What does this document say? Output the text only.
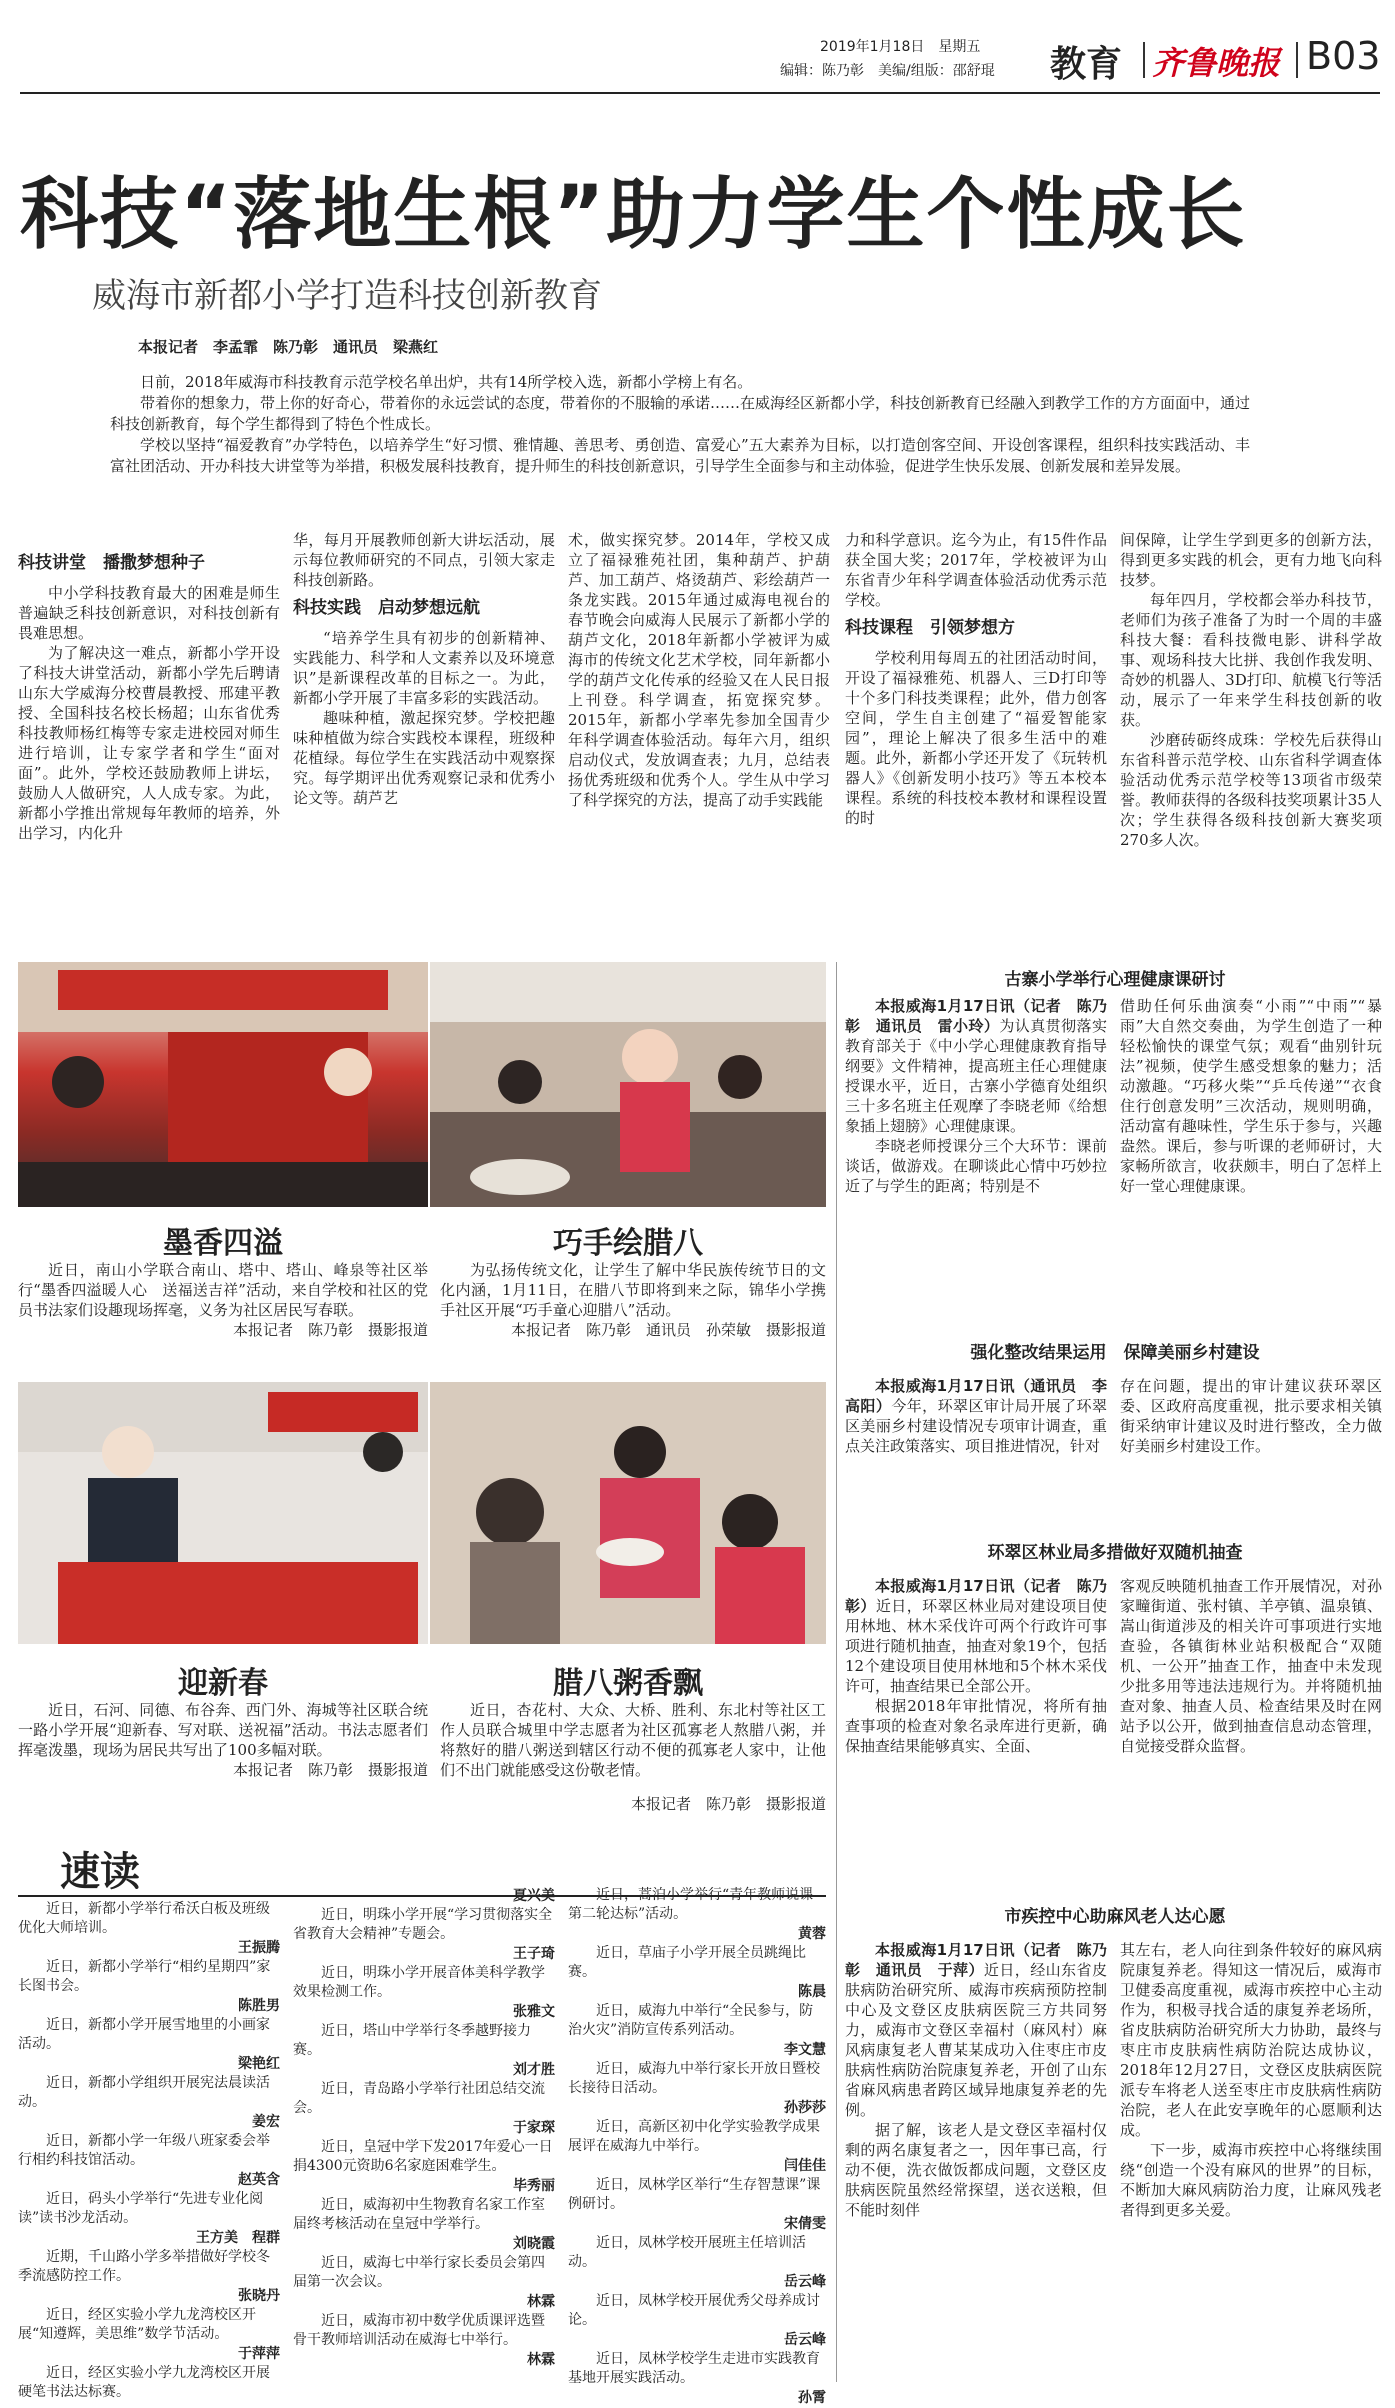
2019年1月18日　星期五
编辑：陈乃彰　美编/组版：邵舒琨 教育 齐鲁晚报 B03
科技“落地生根”助力学生个性成长
威海市新都小学打造科技创新教育
本报记者　李孟霏　陈乃彰　通讯员　梁燕红

日前，2018年威海市科技教育示范学校名单出炉，共有14所学校入选，新都小学榜上有名。

带着你的想象力，带上你的好奇心，带着你的永远尝试的态度，带着你的不服输的承诺……在威海经区新都小学，科技创新教育已经融入到教学工作的方方面面中，通过科技创新教育，每个学生都得到了特色个性成长。

学校以坚持“福爱教育”办学特色，以培养学生“好习惯、雅情趣、善思考、勇创造、富爱心”五大素养为目标，以打造创客空间、开设创客课程，组织科技实践活动、丰富社团活动、开办科技大讲堂等为举措，积极发展科技教育，提升师生的科技创新意识，引导学生全面参与和主动体验，促进学生快乐发展、创新发展和差异发展。

科技讲堂　播撒梦想种子

中小学科技教育最大的困难是师生普遍缺乏科技创新意识，对科技创新有畏难思想。

为了解决这一难点，新都小学开设了科技大讲堂活动，新都小学先后聘请山东大学威海分校曹晨教授、邢建平教授、全国科技名校长杨超；山东省优秀科技教师杨红梅等专家走进校园对师生进行培训，让专家学者和学生“面对面”。此外，学校还鼓励教师上讲坛，鼓励人人做研究，人人成专家。为此，新都小学推出常规每年教师的培养，外出学习，内化升

华，每月开展教师创新大讲坛活动，展示每位教师研究的不同点，引领大家走科技创新路。

科技实践　启动梦想远航

“培养学生具有初步的创新精神、实践能力、科学和人文素养以及环境意识”是新课程改革的目标之一。为此，新都小学开展了丰富多彩的实践活动。

趣味种植，激起探究梦。学校把趣味种植做为综合实践校本课程，班级种花植绿。每位学生在实践活动中观察探究。每学期评出优秀观察记录和优秀小论文等。葫芦艺

术，做实探究梦。2014年，学校又成立了福禄雅苑社团，集种葫芦、护葫芦、加工葫芦、烙烫葫芦、彩绘葫芦一条龙实践。2015年通过威海电视台的春节晚会向威海人民展示了新都小学的葫芦文化，2018年新都小学被评为威海市的传统文化艺术学校，同年新都小学的葫芦文化传承的经验又在人民日报上刊登。科学调查，拓宽探究梦。2015年，新都小学率先参加全国青少年科学调查体验活动。每年六月，组织启动仪式，发放调查表；九月，总结表扬优秀班级和优秀个人。学生从中学习了科学探究的方法，提高了动手实践能

力和科学意识。迄今为止，有15件作品获全国大奖；2017年，学校被评为山东省青少年科学调查体验活动优秀示范学校。

科技课程　引领梦想方

学校利用每周五的社团活动时间，开设了福禄雅苑、机器人、三D打印等十个多门科技类课程；此外，借力创客空间，学生自主创建了“福爱智能家园”，理论上解决了很多生活中的难题。此外，新都小学还开发了《玩转机器人》《创新发明小技巧》等五本校本课程。系统的科技校本教材和课程设置的时

间保障，让学生学到更多的创新方法，得到更多实践的机会，更有力地飞向科技梦。

每年四月，学校都会举办科技节，老师们为孩子准备了为时一个周的丰盛科技大餐：看科技微电影、讲科学故事、观场科技大比拼、我创作我发明、奇妙的机器人、3D打印、航模飞行等活动，展示了一年来学生科技创新的收获。

沙磨砖砺终成珠：学校先后获得山东省科普示范学校、山东省科学调查体验活动优秀示范学校等13项省市级荣誉。教师获得的各级科技奖项累计35人次；学生获得各级科技创新大赛奖项270多人次。

墨香四溢
近日，南山小学联合南山、塔中、塔山、峰泉等社区举行“墨香四溢暖人心　送福送吉祥”活动，来自学校和社区的党员书法家们设趣现场挥毫，义务为社区居民写春联。
本报记者　陈乃彰　摄影报道
巧手绘腊八
为弘扬传统文化，让学生了解中华民族传统节日的文化内涵，1月11日，在腊八节即将到来之际，锦华小学携手社区开展“巧手童心迎腊八”活动。
本报记者　陈乃彰　通讯员　孙荣敏　摄影报道
迎新春
近日，石河、同德、布谷奔、西门外、海城等社区联合统一路小学开展“迎新春、写对联、送祝福”活动。书法志愿者们挥毫泼墨，现场为居民共写出了100多幅对联。
本报记者　陈乃彰　摄影报道
腊八粥香飘
近日，杏花村、大众、大桥、胜利、东北村等社区工作人员联合城里中学志愿者为社区孤寡老人熬腊八粥，并将熬好的腊八粥送到辖区行动不便的孤寡老人家中，让他们不出门就能感受这份敬老情。
本报记者　陈乃彰　摄影报道
速读
近日，新都小学举行希沃白板及班级优化大师培训。
王振腾
近日，新都小学举行“相约星期四”家长图书会。
陈胜男
近日，新都小学开展雪地里的小画家活动。
梁艳红
近日，新都小学组织开展宪法晨读活动。
姜宏
近日，新都小学一年级八班家委会举行相约科技馆活动。
赵英含
近日，码头小学举行“先进专业化阅读”读书沙龙活动。
王方美　程群
近期，千山路小学多举措做好学校冬季流感防控工作。
张晓丹
近日，经区实验小学九龙湾校区开展“知遵辉，美思维”数学节活动。
于萍萍
近日，经区实验小学九龙湾校区开展硬笔书法达标赛。
夏兴美
近日，明珠小学开展“学习贯彻落实全省教育大会精神”专题会。
王子琦
近日，明珠小学开展音体美科学教学效果检测工作。
张雅文
近日，塔山中学举行冬季越野接力赛。
刘才胜
近日，青岛路小学举行社团总结交流会。
于家琛
近日，皇冠中学下发2017年爱心一日捐4300元资助6名家庭困难学生。
毕秀丽
近日，威海初中生物教育名家工作室届终考核活动在皇冠中学举行。
刘晓霞
近日，威海七中举行家长委员会第四届第一次会议。
林霖
近日，威海市初中数学优质课评选暨骨干教师培训活动在威海七中举行。
林霖
近日，蒿泊小学举行“青年教师说课第二轮达标”活动。
黄蓉
近日，草庙子小学开展全员跳绳比赛。
陈晨
近日，威海九中举行“全民参与，防治火灾”消防宣传系列活动。
李文慧
近日，威海九中举行家长开放日暨校长接待日活动。
孙莎莎
近日，高新区初中化学实验教学成果展评在威海九中举行。
闫佳佳
近日，凤林学区举行“生存智慧课”课例研讨。
宋倩雯
近日，凤林学校开展班主任培训活动。
岳云峰
近日，凤林学校开展优秀父母养成讨论。
岳云峰
近日，凤林学校学生走进市实践教育基地开展实践活动。
孙霄
古寨小学举行心理健康课研讨

本报威海1月17日讯（记者　陈乃彰　通讯员　雷小玲）为认真贯彻落实教育部关于《中小学心理健康教育指导纲要》文件精神，提高班主任心理健康授课水平，近日，古寨小学德育处组织三十多名班主任观摩了李晓老师《给想象插上翅膀》心理健康课。

李晓老师授课分三个大环节：课前谈话，做游戏。在聊谈此心情中巧妙拉近了与学生的距离；特别是不

借助任何乐曲演奏“小雨”“中雨”“暴雨”大自然交奏曲，为学生创造了一种轻松愉快的课堂气氛；观看“曲别针玩法”视频，使学生感受想象的魅力；活动激趣。“巧移火柴”“乒乓传递”“衣食住行创意发明”三次活动，规则明确，活动富有趣味性，学生乐于参与，兴趣盎然。课后，参与听课的老师研讨，大家畅所欲言，收获颇丰，明白了怎样上好一堂心理健康课。

强化整改结果运用　保障美丽乡村建设

本报威海1月17日讯（通讯员　李高阳）今年，环翠区审计局开展了环翠区美丽乡村建设情况专项审计调查，重点关注政策落实、项目推进情况，针对

存在问题，提出的审计建议获环翠区委、区政府高度重视，批示要求相关镇街采纳审计建议及时进行整改，全力做好美丽乡村建设工作。

环翠区林业局多措做好双随机抽查

本报威海1月17日讯（记者　陈乃彰）近日，环翠区林业局对建设项目使用林地、林木采伐许可两个行政许可事项进行随机抽查，抽查对象19个，包括12个建设项目使用林地和5个林木采伐许可，抽查结果已全部公开。

根据2018年审批情况，将所有抽查事项的检查对象名录库进行更新，确保抽查结果能够真实、全面、

客观反映随机抽查工作开展情况，对孙家疃街道、张村镇、羊亭镇、温泉镇、嵩山街道涉及的相关许可事项进行实地查验，各镇街林业站积极配合“双随机、一公开”抽查工作，抽查中未发现少批多用等违法违规行为。并将随机抽查对象、抽查人员、检查结果及时在网站予以公开，做到抽查信息动态管理，自觉接受群众监督。

市疾控中心助麻风老人达心愿

本报威海1月17日讯（记者　陈乃彰　通讯员　于萍）近日，经山东省皮肤病防治研究所、威海市疾病预防控制中心及文登区皮肤病医院三方共同努力，威海市文登区幸福村（麻风村）麻风病康复老人曹某某成功入住枣庄市皮肤病性病防治院康复养老，开创了山东省麻风病患者跨区域异地康复养老的先例。

据了解，该老人是文登区幸福村仅剩的两名康复者之一，因年事已高，行动不便，洗衣做饭都成问题，文登区皮肤病医院虽然经常探望，送衣送粮，但不能时刻伴

其左右，老人向往到条件较好的麻风病院康复养老。得知这一情况后，威海市卫健委高度重视，威海市疾控中心主动作为，积极寻找合适的康复养老场所，省皮肤病防治研究所大力协助，最终与枣庄市皮肤病性病防治院达成协议，2018年12月27日，文登区皮肤病医院派专车将老人送至枣庄市皮肤病性病防治院，老人在此安享晚年的心愿顺利达成。

下一步，威海市疾控中心将继续围绕“创造一个没有麻风的世界”的目标，不断加大麻风病防治力度，让麻风残老者得到更多关爱。
